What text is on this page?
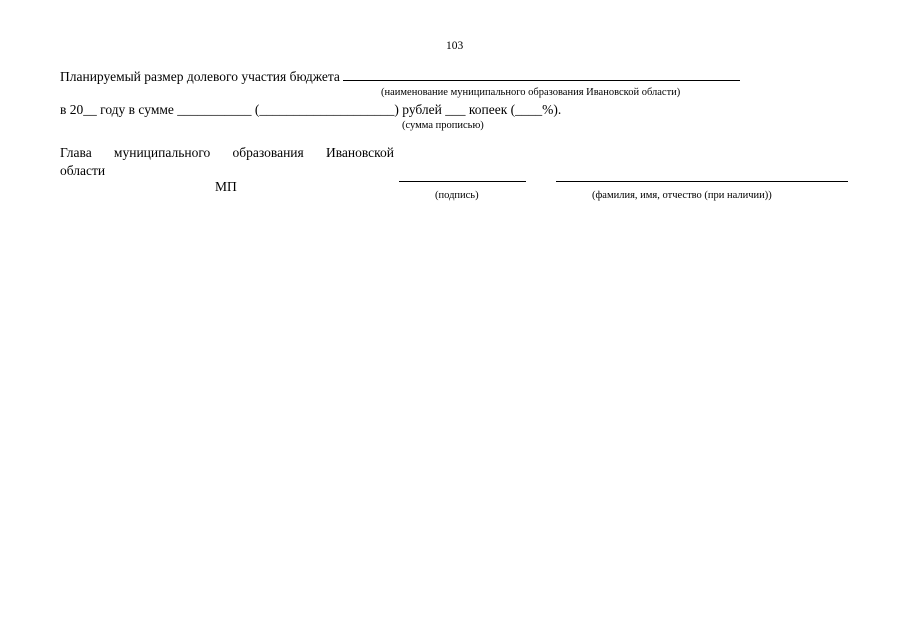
103
Планируемый размер долевого участия бюджета
(наименование муниципального образования Ивановской области)
в 20__ году в сумме ___________ (____________________) рублей ___ копеек (____%).
(сумма прописью)
Глава муниципального образования Ивановской
области
МП
(подпись)	(фамилия, имя, отчество (при наличии))
